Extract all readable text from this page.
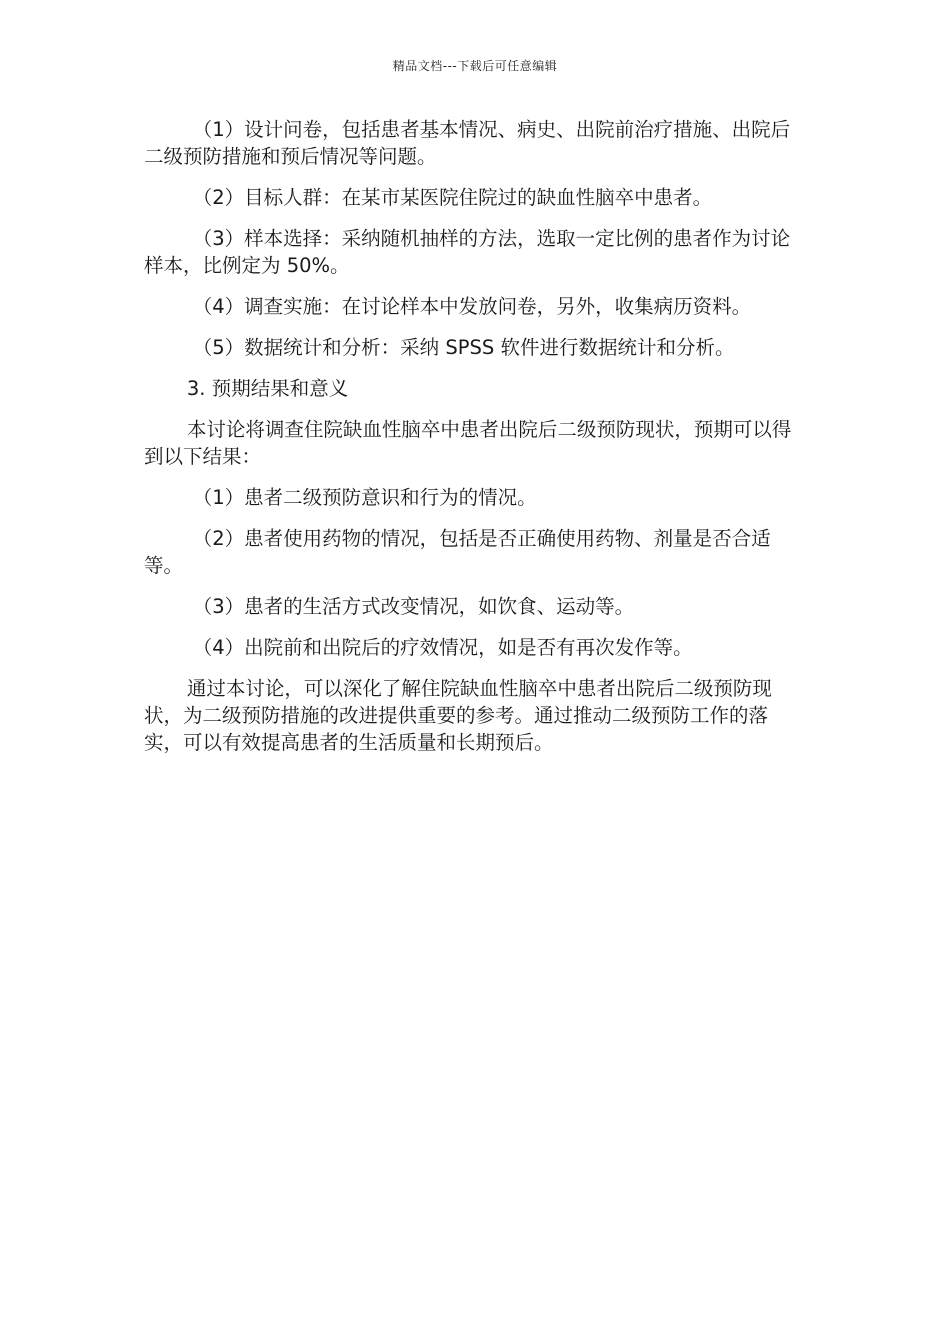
精品文档---下载后可任意编辑

（1）设计问卷，包括患者基本情况、病史、出院前治疗措施、出院后二级预防措施和预后情况等问题。

（2）目标人群：在某市某医院住院过的缺血性脑卒中患者。

（3）样本选择：采纳随机抽样的方法，选取一定比例的患者作为讨论样本，比例定为 50%。

（4）调查实施：在讨论样本中发放问卷，另外，收集病历资料。

（5）数据统计和分析：采纳 SPSS 软件进行数据统计和分析。

3. 预期结果和意义

本讨论将调查住院缺血性脑卒中患者出院后二级预防现状，预期可以得到以下结果：

（1）患者二级预防意识和行为的情况。

（2）患者使用药物的情况，包括是否正确使用药物、剂量是否合适等。

（3）患者的生活方式改变情况，如饮食、运动等。

（4）出院前和出院后的疗效情况，如是否有再次发作等。

通过本讨论，可以深化了解住院缺血性脑卒中患者出院后二级预防现状，为二级预防措施的改进提供重要的参考。通过推动二级预防工作的落实，可以有效提高患者的生活质量和长期预后。
